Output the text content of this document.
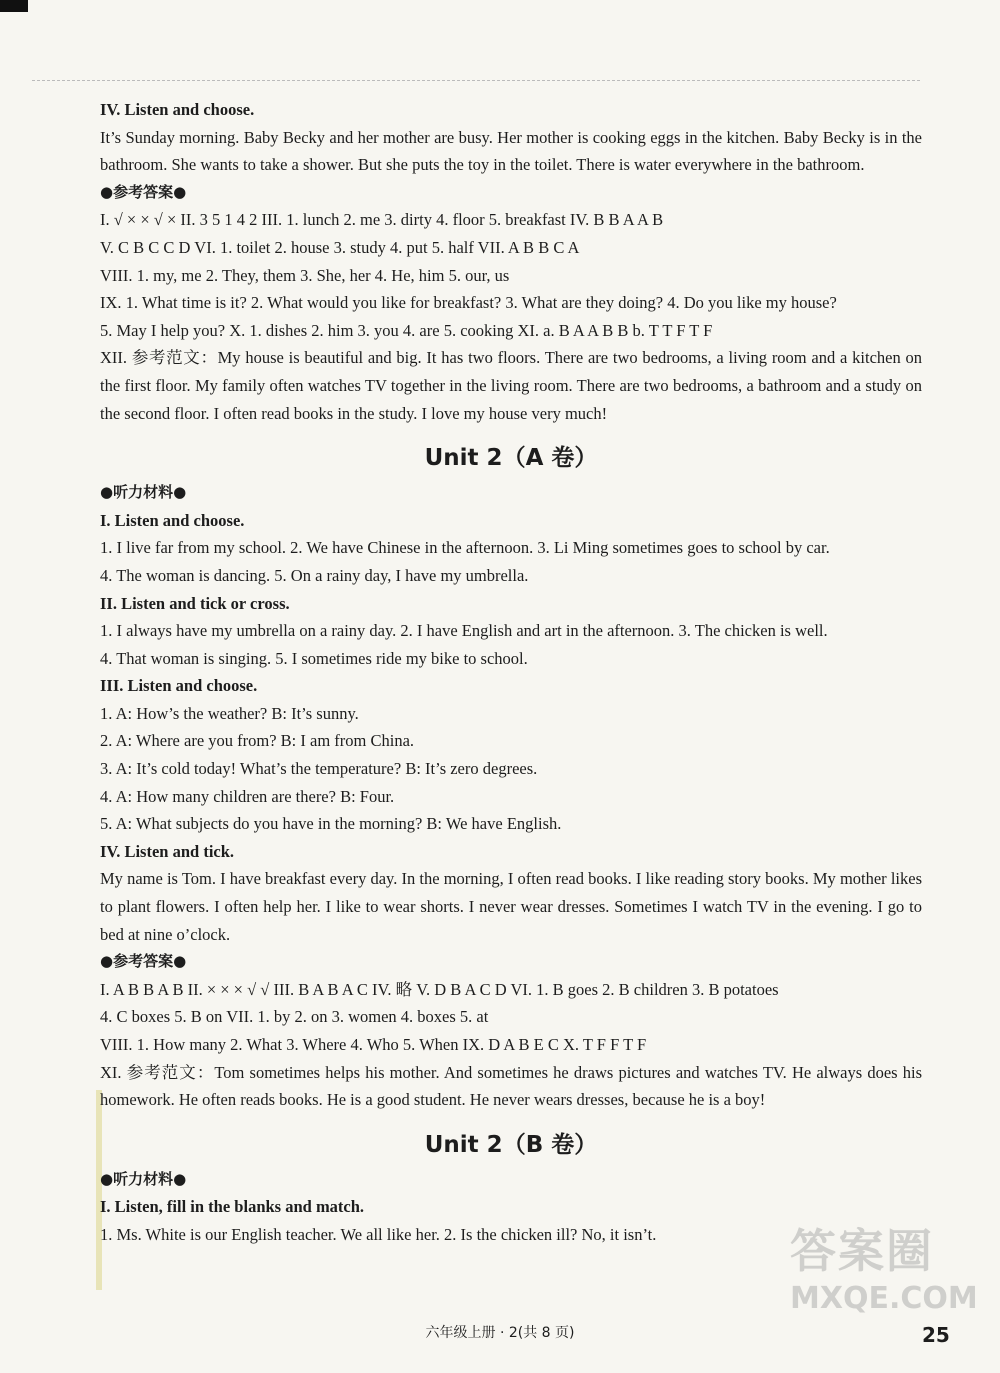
IV. Listen and choose.

It’s Sunday morning. Baby Becky and her mother are busy. Her mother is cooking eggs in the kitchen. Baby Becky is in the bathroom. She wants to take a shower. But she puts the toy in the toilet. There is water everywhere in the bathroom.

●参考答案●

I. √ × × √ × II. 3 5 1 4 2 III. 1. lunch 2. me 3. dirty 4. floor 5. breakfast IV. B B A A B

V. C B C C D VI. 1. toilet 2. house 3. study 4. put 5. half VII. A B B C A

VIII. 1. my, me 2. They, them 3. She, her 4. He, him 5. our, us

IX. 1. What time is it? 2. What would you like for breakfast? 3. What are they doing? 4. Do you like my house?

5. May I help you? X. 1. dishes 2. him 3. you 4. are 5. cooking XI. a. B A A B B b. T T F T F

XII. 参考范文：My house is beautiful and big. It has two floors. There are two bedrooms, a living room and a kitchen on the first floor. My family often watches TV together in the living room. There are two bedrooms, a bathroom and a study on the second floor. I often read books in the study. I love my house very much!

Unit 2（A 卷）

●听力材料●

I. Listen and choose.

1. I live far from my school. 2. We have Chinese in the afternoon. 3. Li Ming sometimes goes to school by car.

4. The woman is dancing. 5. On a rainy day, I have my umbrella.

II. Listen and tick or cross.

1. I always have my umbrella on a rainy day. 2. I have English and art in the afternoon. 3. The chicken is well.

4. That woman is singing. 5. I sometimes ride my bike to school.

III. Listen and choose.

1. A: How’s the weather? B: It’s sunny.

2. A: Where are you from? B: I am from China.

3. A: It’s cold today! What’s the temperature? B: It’s zero degrees.

4. A: How many children are there? B: Four.

5. A: What subjects do you have in the morning? B: We have English.

IV. Listen and tick.

My name is Tom. I have breakfast every day. In the morning, I often read books. I like reading story books. My mother likes to plant flowers. I often help her. I like to wear shorts. I never wear dresses. Sometimes I watch TV in the evening. I go to bed at nine o’clock.

●参考答案●

I. A B B A B II. × × × √ √ III. B A B A C IV. 略 V. D B A C D VI. 1. B goes 2. B children 3. B potatoes

4. C boxes 5. B on VII. 1. by 2. on 3. women 4. boxes 5. at

VIII. 1. How many 2. What 3. Where 4. Who 5. When IX. D A B E C X. T F F T F

XI. 参考范文：Tom sometimes helps his mother. And sometimes he draws pictures and watches TV. He always does his homework. He often reads books. He is a good student. He never wears dresses, because he is a boy!

Unit 2（B 卷）

●听力材料●

I. Listen, fill in the blanks and match.

1. Ms. White is our English teacher. We all like her. 2. Is the chicken ill? No, it isn’t.

六年级上册 · 2(共 8 页)	25
答案圈
MXQE.COM
